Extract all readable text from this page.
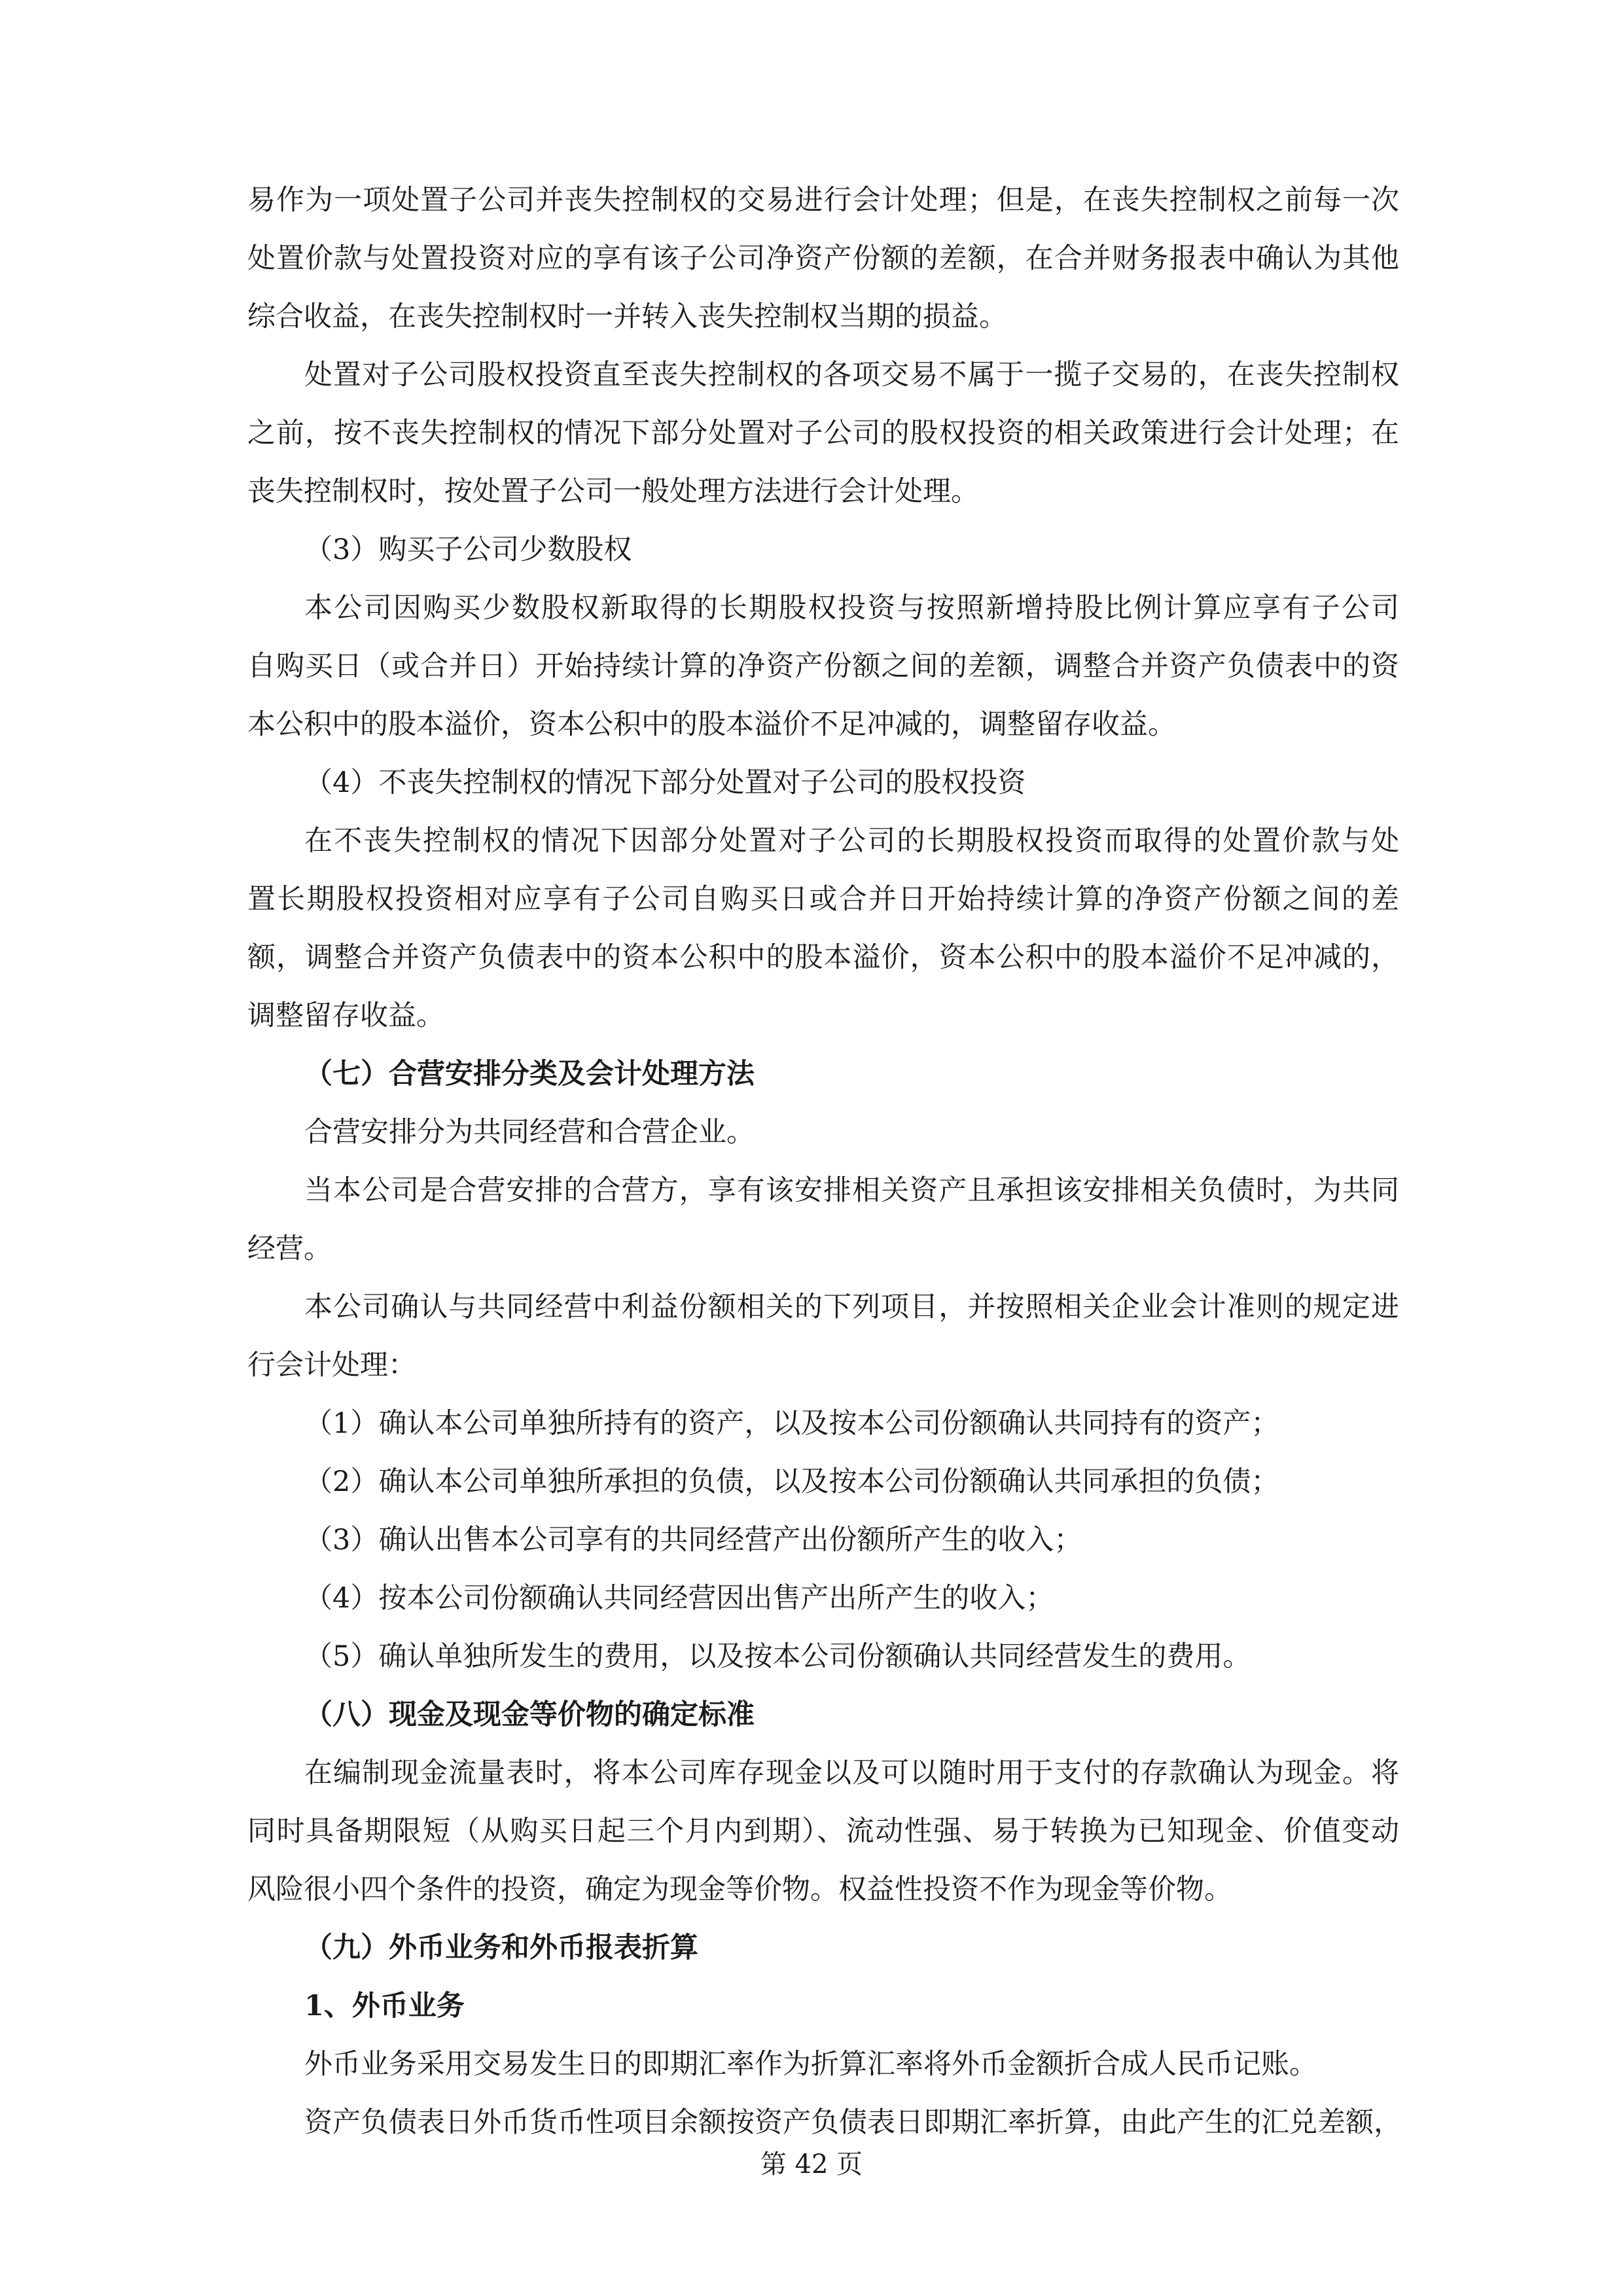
易作为一项处置子公司并丧失控制权的交易进行会计处理；但是，在丧失控制权之前每一次
处置价款与处置投资对应的享有该子公司净资产份额的差额，在合并财务报表中确认为其他
综合收益，在丧失控制权时一并转入丧失控制权当期的损益。
处置对子公司股权投资直至丧失控制权的各项交易不属于一揽子交易的，在丧失控制权
之前，按不丧失控制权的情况下部分处置对子公司的股权投资的相关政策进行会计处理；在
丧失控制权时，按处置子公司一般处理方法进行会计处理。
（3）购买子公司少数股权
本公司因购买少数股权新取得的长期股权投资与按照新增持股比例计算应享有子公司
自购买日（或合并日）开始持续计算的净资产份额之间的差额，调整合并资产负债表中的资
本公积中的股本溢价，资本公积中的股本溢价不足冲减的，调整留存收益。
（4）不丧失控制权的情况下部分处置对子公司的股权投资
在不丧失控制权的情况下因部分处置对子公司的长期股权投资而取得的处置价款与处
置长期股权投资相对应享有子公司自购买日或合并日开始持续计算的净资产份额之间的差
额，调整合并资产负债表中的资本公积中的股本溢价，资本公积中的股本溢价不足冲减的，
调整留存收益。
（七）合营安排分类及会计处理方法
合营安排分为共同经营和合营企业。
当本公司是合营安排的合营方，享有该安排相关资产且承担该安排相关负债时，为共同
经营。
本公司确认与共同经营中利益份额相关的下列项目，并按照相关企业会计准则的规定进
行会计处理：
（1）确认本公司单独所持有的资产，以及按本公司份额确认共同持有的资产；
（2）确认本公司单独所承担的负债，以及按本公司份额确认共同承担的负债；
（3）确认出售本公司享有的共同经营产出份额所产生的收入；
（4）按本公司份额确认共同经营因出售产出所产生的收入；
（5）确认单独所发生的费用，以及按本公司份额确认共同经营发生的费用。
（八）现金及现金等价物的确定标准
在编制现金流量表时，将本公司库存现金以及可以随时用于支付的存款确认为现金。将
同时具备期限短（从购买日起三个月内到期）、流动性强、易于转换为已知现金、价值变动
风险很小四个条件的投资，确定为现金等价物。权益性投资不作为现金等价物。
（九）外币业务和外币报表折算
1、外币业务
外币业务采用交易发生日的即期汇率作为折算汇率将外币金额折合成人民币记账。
资产负债表日外币货币性项目余额按资产负债表日即期汇率折算，由此产生的汇兑差额，
第 42 页
